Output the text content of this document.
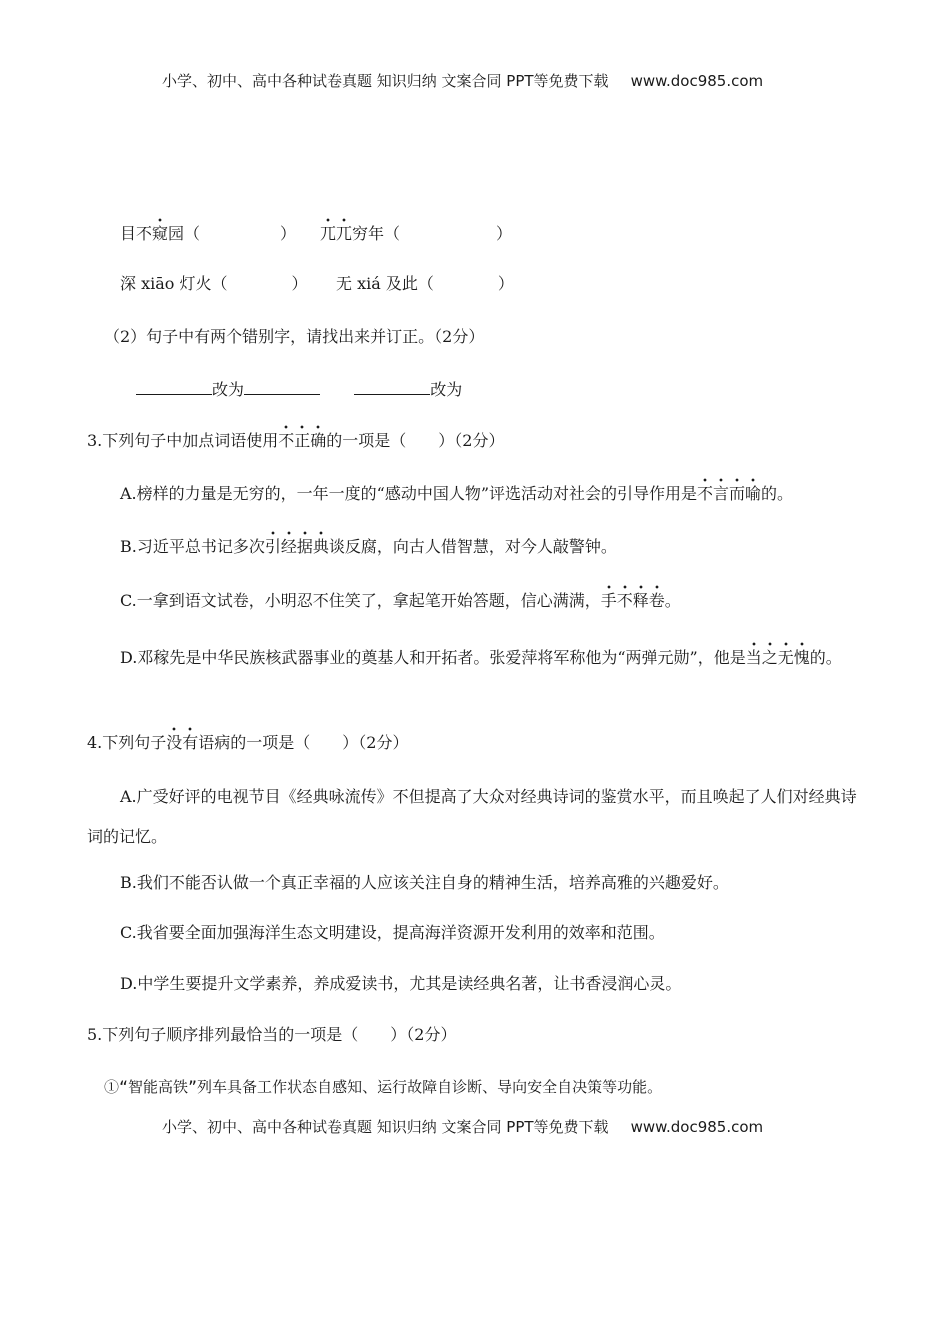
小学、初中、高中各种试卷真题 知识归纳 文案合同 PPT等免费下载 www.doc985.com
目不窥园（　　　　　） 兀兀穷年（　　　　　　）
深 xiāo 灯火（　　　　） 无 xiá 及此（　　　　）
（2）句子中有两个错别字，请找出来并订正。（2分）
改为	改为
3.下列句子中加点词语使用不正确的一项是（　　）（2分）
A.榜样的力量是无穷的，一年一度的“感动中国人物”评选活动对社会的引导作用是不言而喻的。
B.习近平总书记多次引经据典谈反腐，向古人借智慧，对今人敲警钟。
C.一拿到语文试卷，小明忍不住笑了，拿起笔开始答题，信心满满，手不释卷。
D.邓稼先是中华民族核武器事业的奠基人和开拓者。张爱萍将军称他为“两弹元勋”，他是当之无愧的。
4.下列句子没有语病的一项是（　　）（2分）
A.广受好评的电视节目《经典咏流传》不但提高了大众对经典诗词的鉴赏水平，而且唤起了人们对经典诗词的记忆。
B.我们不能否认做一个真正幸福的人应该关注自身的精神生活，培养高雅的兴趣爱好。
C.我省要全面加强海洋生态文明建设，提高海洋资源开发利用的效率和范围。
D.中学生要提升文学素养，养成爱读书，尤其是读经典名著，让书香浸润心灵。
5.下列句子顺序排列最恰当的一项是（　　）（2分）
①“智能高铁”列车具备工作状态自感知、运行故障自诊断、导向安全自决策等功能。
小学、初中、高中各种试卷真题 知识归纳 文案合同 PPT等免费下载 www.doc985.com
